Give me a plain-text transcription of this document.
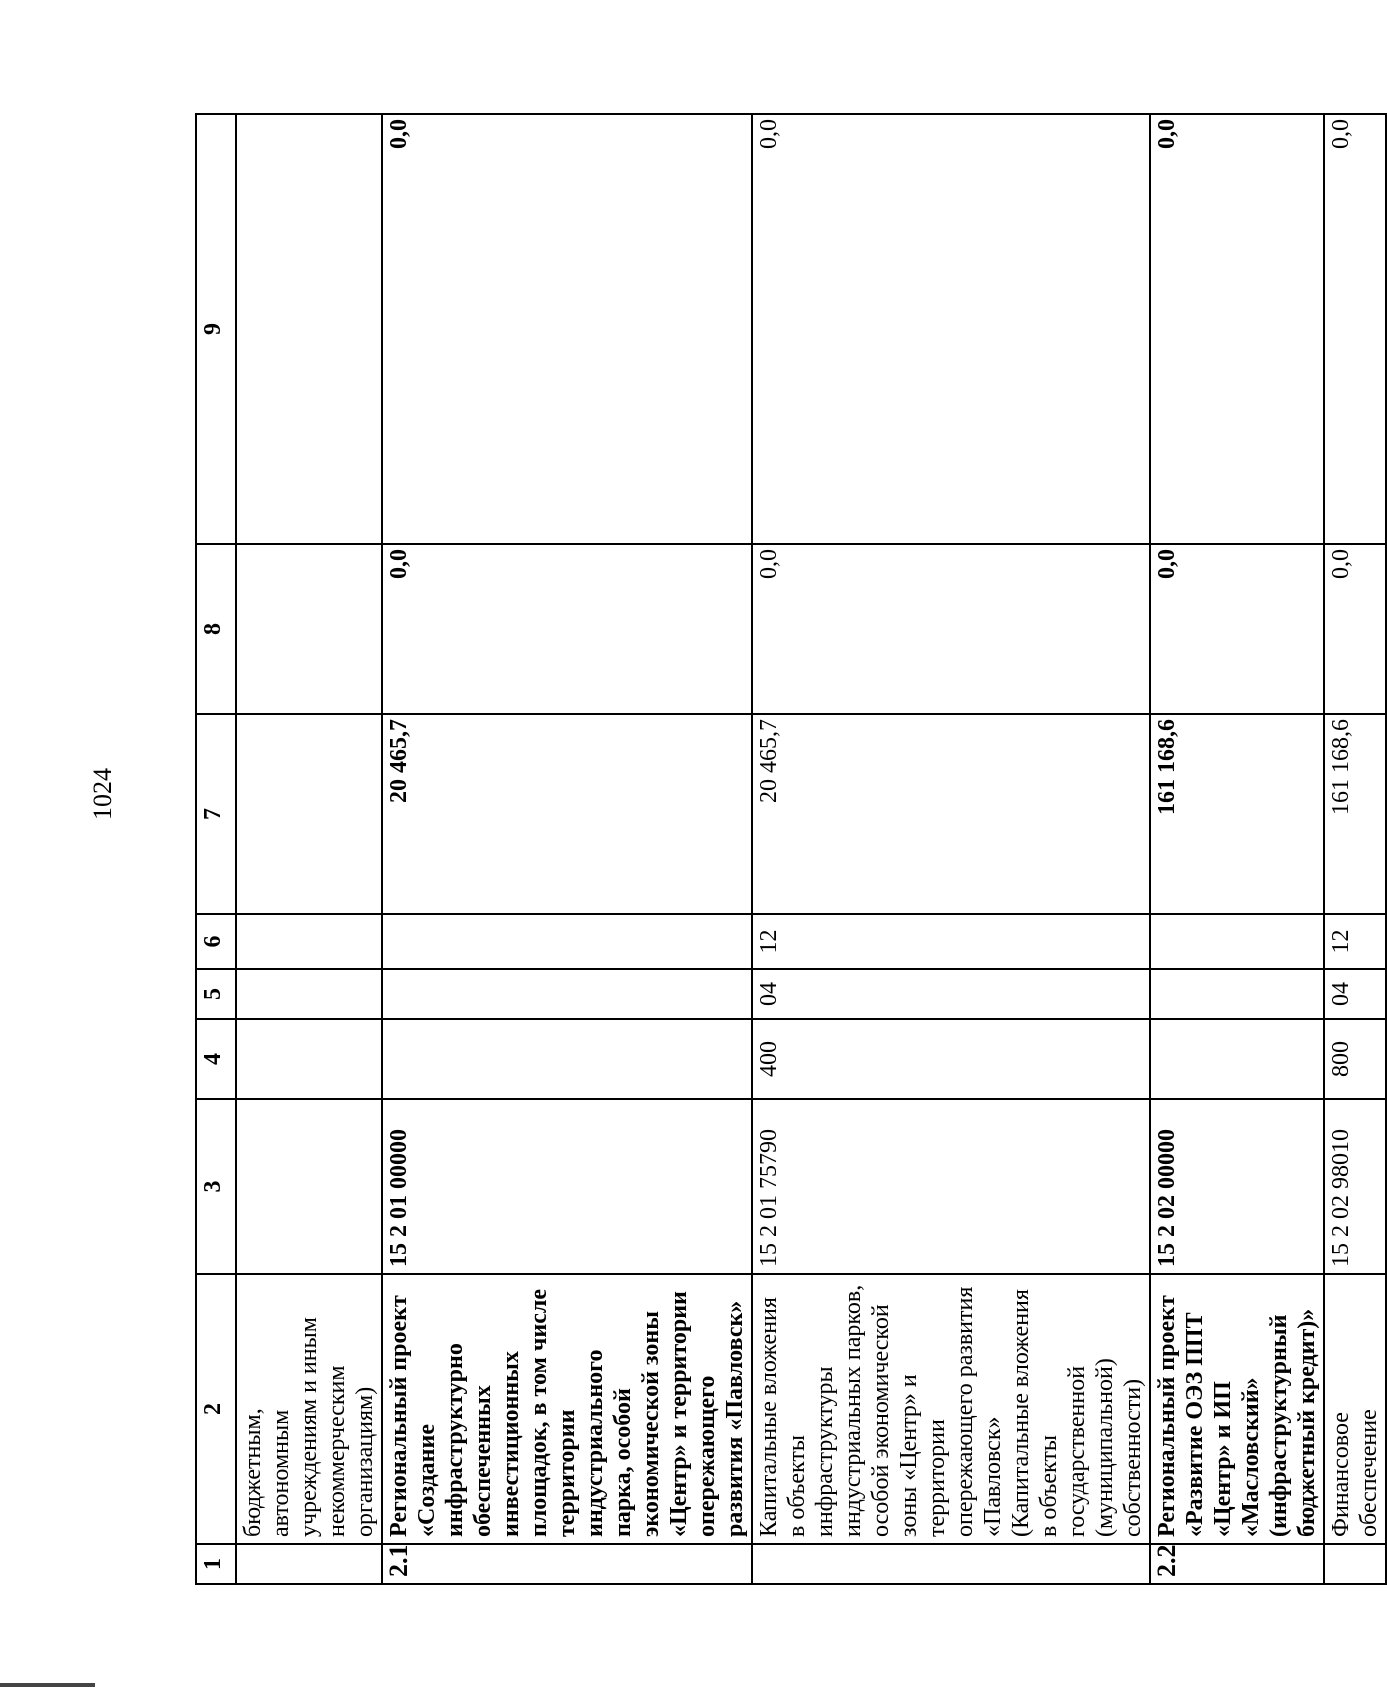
1024
1	2	3	4	5	6	7	8	9
	бюджетным, автономным учреждениям и иным некоммерческим организациям)							
2.1	Региональный проект «Создание инфраструктурно обеспеченных инвестиционных площадок, в том числе территории индустриального парка, особой экономической зоны «Центр» и территории опережающего развития «Павловск»	15 2 01 00000				20 465,7	0,0	0,0
	Капитальные вложения в объекты инфраструктуры индустриальных парков, особой экономической зоны «Центр» и территории опережающего развития «Павловск» (Капитальные вложения в объекты государственной (муниципальной) собственности)	15 2 01 75790	400	04	12	20 465,7	0,0	0,0
2.2	Региональный проект «Развитие ОЭЗ ППТ «Центр» и ИП «Масловский» (инфраструктурный бюджетный кредит)»	15 2 02 00000				161 168,6	0,0	0,0
	Финансовое обеспечение	15 2 02 98010	800	04	12	161 168,6	0,0	0,0
